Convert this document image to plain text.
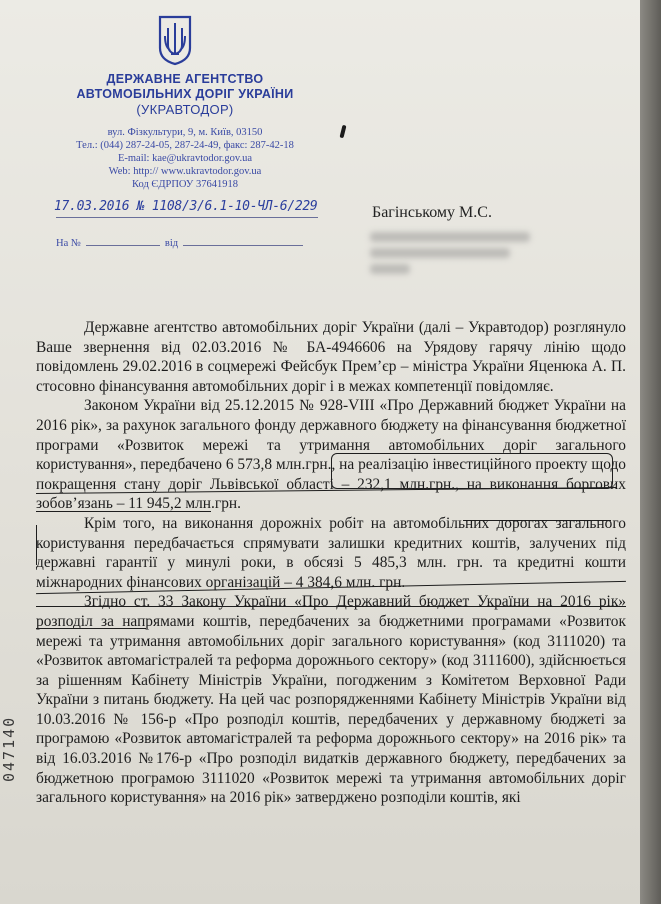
ДЕРЖАВНЕ АГЕНТСТВО
АВТОМОБІЛЬНИХ ДОРІГ УКРАЇНИ
(УКРАВТОДОР)
вул. Фізкультури, 9, м. Київ, 03150
Тел.: (044) 287-24-05, 287-24-49, факс: 287-42-18
E-mail: kae@ukravtodor.gov.ua
Web: http:// www.ukravtodor.gov.ua
Код ЄДРПОУ 37641918
17.03.2016 № 1108/3/6.1-10-ЧЛ-6/229
На №	від
Багінському М.С.

Державне агентство автомобільних доріг України (далі – Укравтодор) розглянуло Ваше звернення від 02.03.2016 № БА-4946606 на Урядову гарячу лінію щодо повідомлень 29.02.2016 в соцмережі Фейсбук Прем’єр – міністра України Яценюка А. П. стосовно фінансування автомобільних доріг і в межах компетенції повідомляє.

Законом України від 25.12.2015 № 928-VIII «Про Державний бюджет України на 2016 рік», за рахунок загального фонду державного бюджету на фінансування бюджетної програми «Розвиток мережі та утримання автомобільних доріг загального користування», передбачено 6 573,8 млн.грн., на реалізацію інвестиційного проекту щодо покращення стану доріг Львівської області – 232,1 млн.грн., на виконання боргових зобов’язань – 11 945,2 млн.грн.

Крім того, на виконання дорожніх робіт на автомобільних дорогах загального користування передбачається спрямувати залишки кредитних коштів, залучених під державні гарантії у минулі роки, в обсязі 5 485,3 млн. грн. та кредитні кошти міжнародних фінансових організацій – 4 384,6 млн. грн.

Згідно ст. 33 Закону України «Про Державний бюджет України на 2016 рік» розподіл за напрямами коштів, передбачених за бюджетними програмами «Розвиток мережі та утримання автомобільних доріг загального користування» (код 3111020) та «Розвиток автомагістралей та реформа дорожнього сектору» (код 3111600), здійснюється за рішенням Кабінету Міністрів України, погодженим з Комітетом Верховної Ради України з питань бюджету. На цей час розпорядженнями Кабінету Міністрів України від 10.03.2016 № 156-р «Про розподіл коштів, передбачених у державному бюджеті за програмою «Розвиток автомагістралей та реформа дорожнього сектору» на 2016 рік» та від 16.03.2016 №176-р «Про розподіл видатків державного бюджету, передбачених за бюджетною програмою 3111020 «Розвиток мережі та утримання автомобільних доріг загального користування» на 2016 рік» затверджено розподіли коштів, які

047140
